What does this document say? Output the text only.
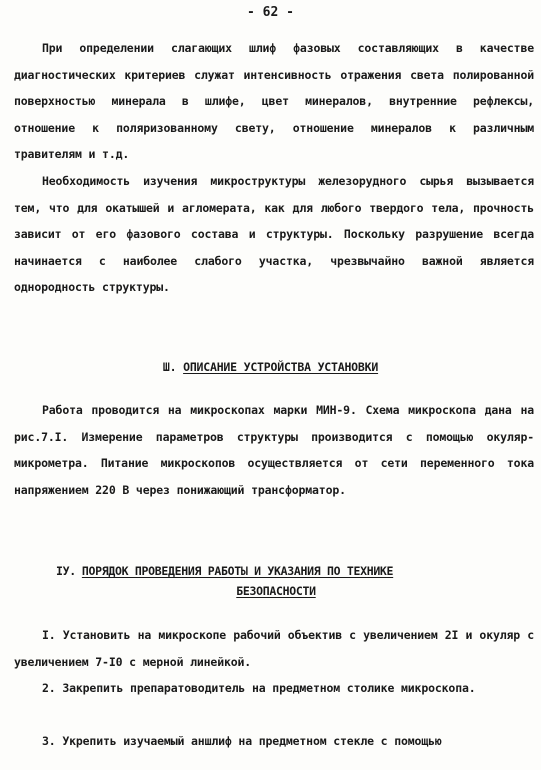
- 62 -

При определении слагающих шлиф фазовых составляющих в качестве диагностических критериев служат интенсивность отражения света полированной поверхностью минерала в шлифе, цвет минералов, внутренние рефлексы, отношение к поляризованному свету, отношение минералов к различным травителям и т.д.

Необходимость изучения микроструктуры железорудного сырья вызывается тем, что для окатышей и агломерата, как для любого твердого тела, прочность зависит от его фазового состава и структуры. Поскольку разрушение всегда начинается с наиболее слабого участка, чрезвычайно важной является однородность структуры.

Ш. ОПИСАНИЕ УСТРОЙСТВА УСТАНОВКИ

Работа проводится на микроскопах марки МИН-9. Схема микроскопа дана на рис.7.I. Измерение параметров структуры производится с помощью окуляр-микрометра. Питание микроскопов осуществляется от сети переменного тока напряжением 220 В через понижающий трансформатор.

IУ. ПОРЯДОК ПРОВЕДЕНИЯ РАБОТЫ И УКАЗАНИЯ ПО ТЕХНИКЕ
БЕЗОПАСНОСТИ

I. Установить на микроскопе рабочий объектив с увеличением 2I и окуляр с увеличением 7-I0 с мерной линейкой.

2. Закрепить препаратоводитель на предметном столике микроскопа.

3. Укрепить изучаемый аншлиф на предметном стекле с помощью
